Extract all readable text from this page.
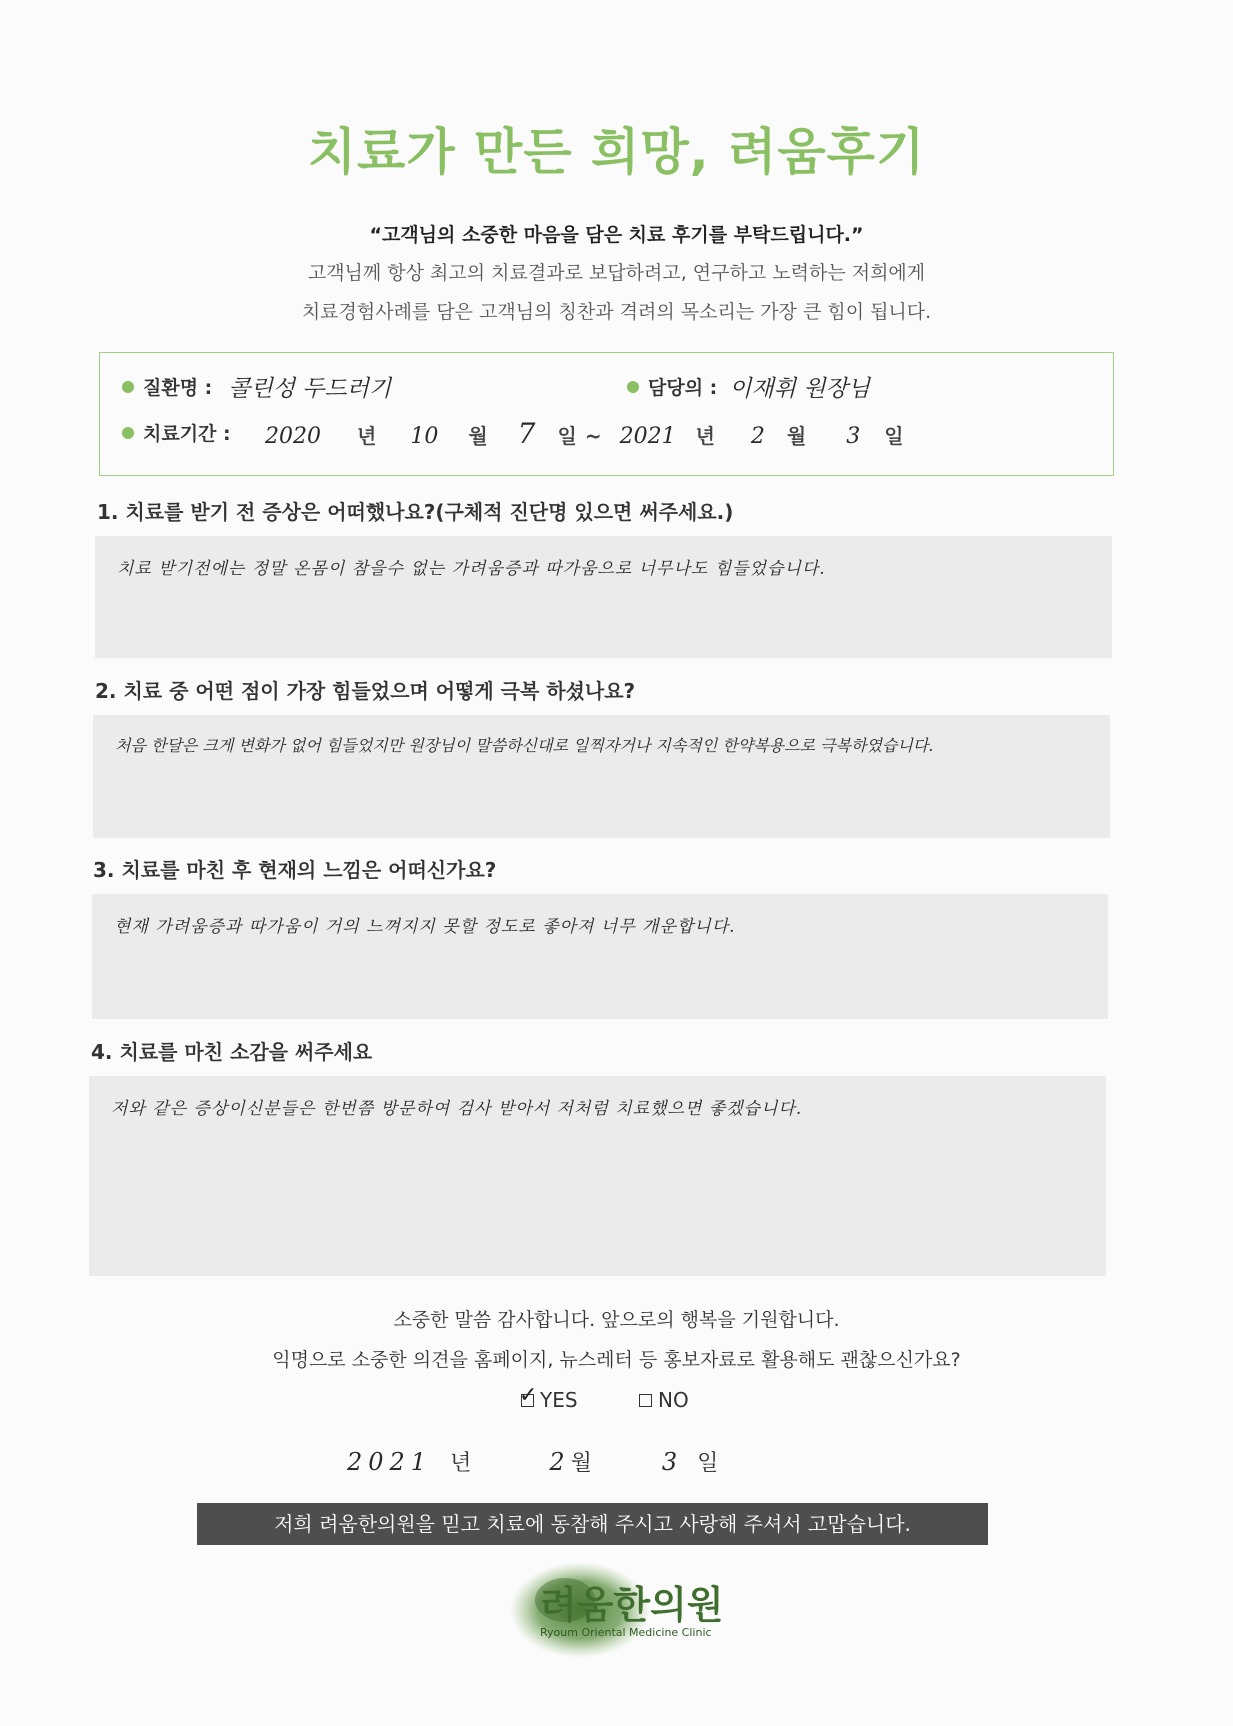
치료가 만든 희망, 려움후기
“고객님의 소중한 마음을 담은 치료 후기를 부탁드립니다.”
고객님께 항상 최고의 치료결과로 보답하려고, 연구하고 노력하는 저희에게
치료경험사례를 담은 고객님의 칭찬과 격려의 목소리는 가장 큰 힘이 됩니다.
질환명 : 콜린성 두드러기	담당의 : 이재휘 원장님
치료기간 : 2020 년 10 월 7 일 ~ 2021 년 2 월 3 일
1. 치료를 받기 전 증상은 어떠했나요?(구체적 진단명 있으면 써주세요.)
치료 받기전에는 정말 온몸이 참을수 없는 가려움증과 따가움으로 너무나도 힘들었습니다.
2. 치료 중 어떤 점이 가장 힘들었으며 어떻게 극복 하셨나요?
처음 한달은 크게 변화가 없어 힘들었지만 원장님이 말씀하신대로 일찍자거나 지속적인 한약복용으로 극복하였습니다.
3. 치료를 마친 후 현재의 느낌은 어떠신가요?
현재 가려움증과 따가움이 거의 느껴지지 못할 정도로 좋아져 너무 개운합니다.
4. 치료를 마친 소감을 써주세요
저와 같은 증상이신분들은 한번쯤 방문하여 검사 받아서 저처럼 치료했으면 좋겠습니다.
소중한 말씀 감사합니다. 앞으로의 행복을 기원합니다.
익명으로 소중한 의견을 홈페이지, 뉴스레터 등 홍보자료로 활용해도 괜찮으신가요?
✓ YES	NO
2021 년	2 월	3 일
저희 려움한의원을 믿고 치료에 동참해 주시고 사랑해 주셔서 고맙습니다.
려움한의원
Ryoum Oriental Medicine Clinic
